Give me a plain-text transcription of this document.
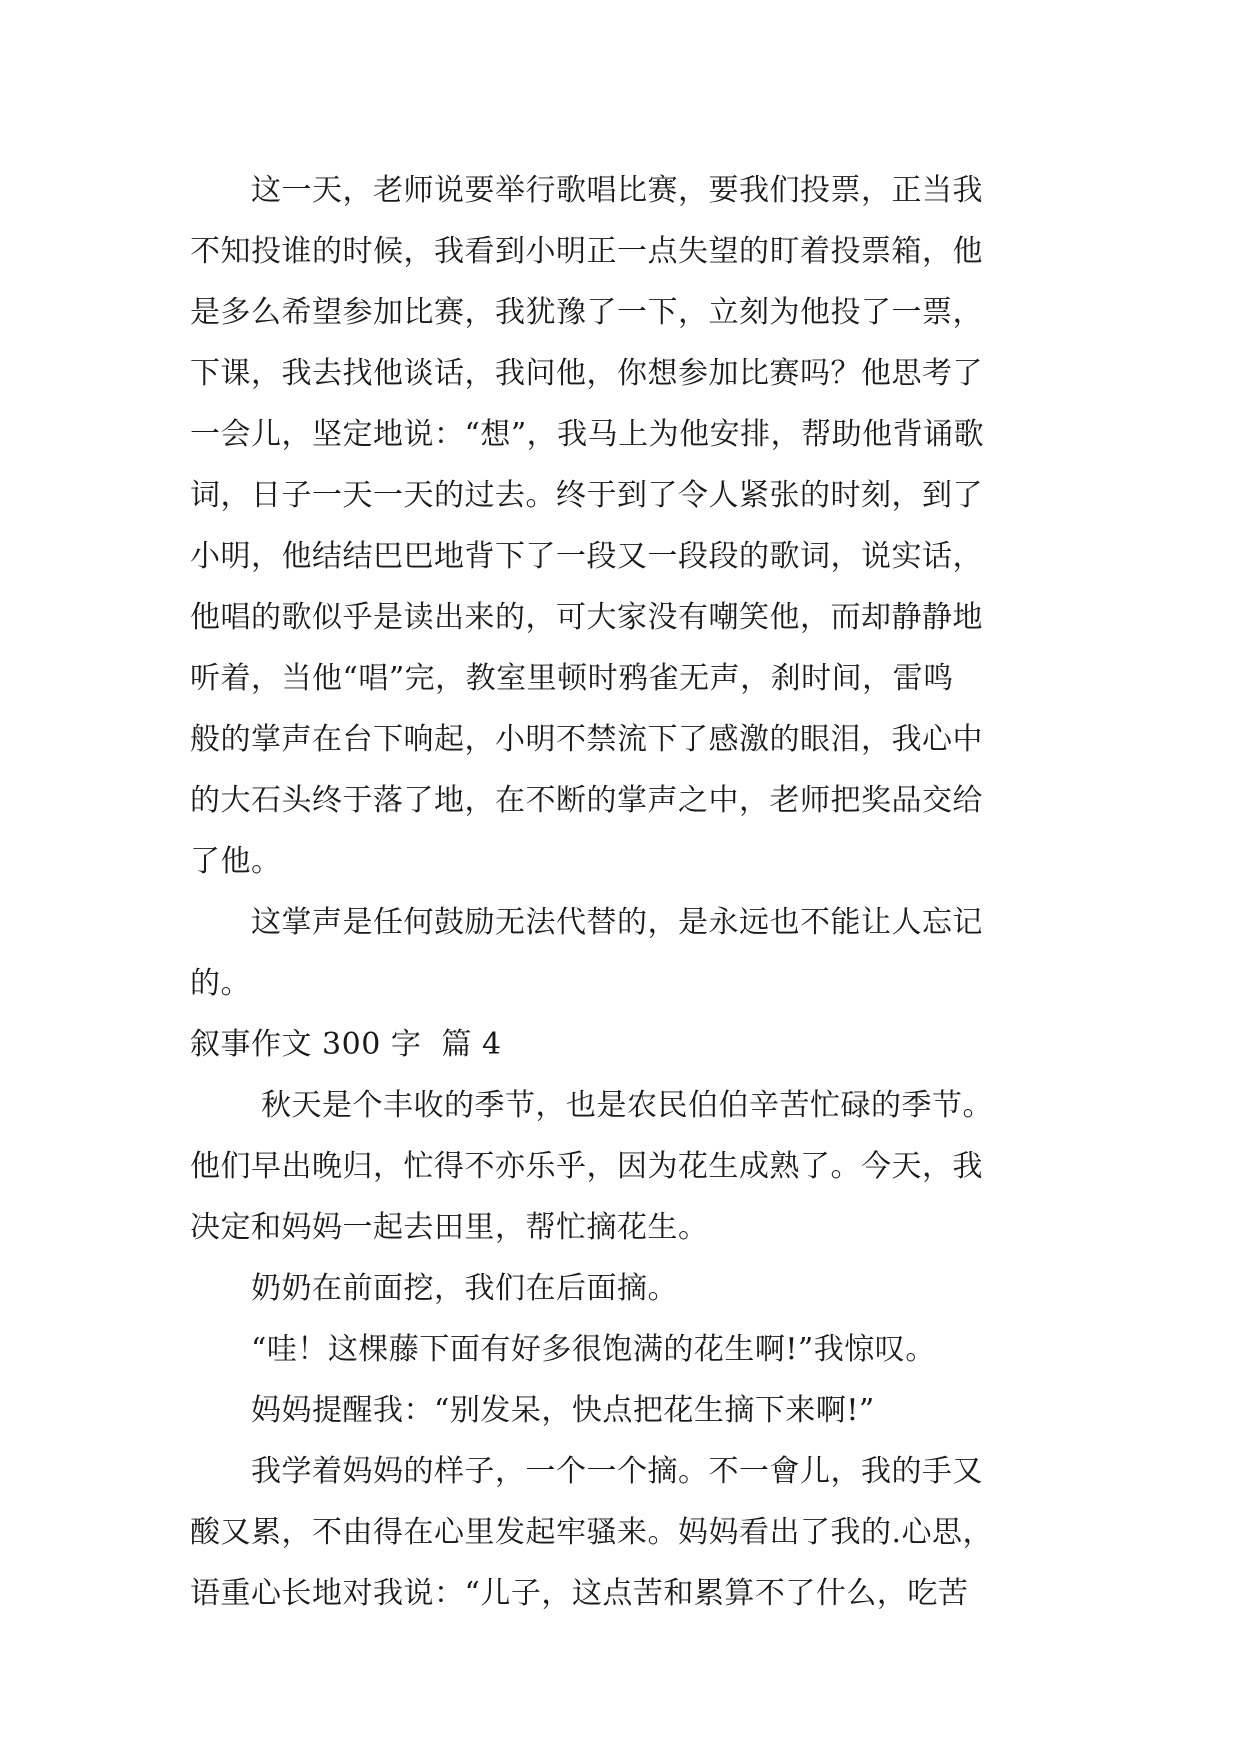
　　这一天，老师说要举行歌唱比赛，要我们投票，正当我
不知投谁的时候，我看到小明正一点失望的盯着投票箱，他
是多么希望参加比赛，我犹豫了一下，立刻为他投了一票，
下课，我去找他谈话，我问他，你想参加比赛吗？他思考了
一会儿，坚定地说：“想”，我马上为他安排，帮助他背诵歌
词，日子一天一天的过去。终于到了令人紧张的时刻，到了
小明，他结结巴巴地背下了一段又一段段的歌词，说实话，
他唱的歌似乎是读出来的，可大家没有嘲笑他，而却静静地
听着，当他“唱”完，教室里顿时鸦雀无声，刹时间，雷鸣
般的掌声在台下响起，小明不禁流下了感激的眼泪，我心中
的大石头终于落了地，在不断的掌声之中，老师把奖品交给
了他。
　　这掌声是任何鼓励无法代替的，是永远也不能让人忘记
的。
叙事作文 300 字  篇 4
　　 秋天是个丰收的季节，也是农民伯伯辛苦忙碌的季节。
他们早出晚归，忙得不亦乐乎，因为花生成熟了。今天，我
决定和妈妈一起去田里，帮忙摘花生。
　　奶奶在前面挖，我们在后面摘。
　　“哇！这棵藤下面有好多很饱满的花生啊!”我惊叹。
　　妈妈提醒我：“别发呆，快点把花生摘下来啊!”
　　我学着妈妈的样子，一个一个摘。不一會儿，我的手又
酸又累，不由得在心里发起牢骚来。妈妈看出了我的.心思，
语重心长地对我说：“儿子，这点苦和累算不了什么，吃苦
